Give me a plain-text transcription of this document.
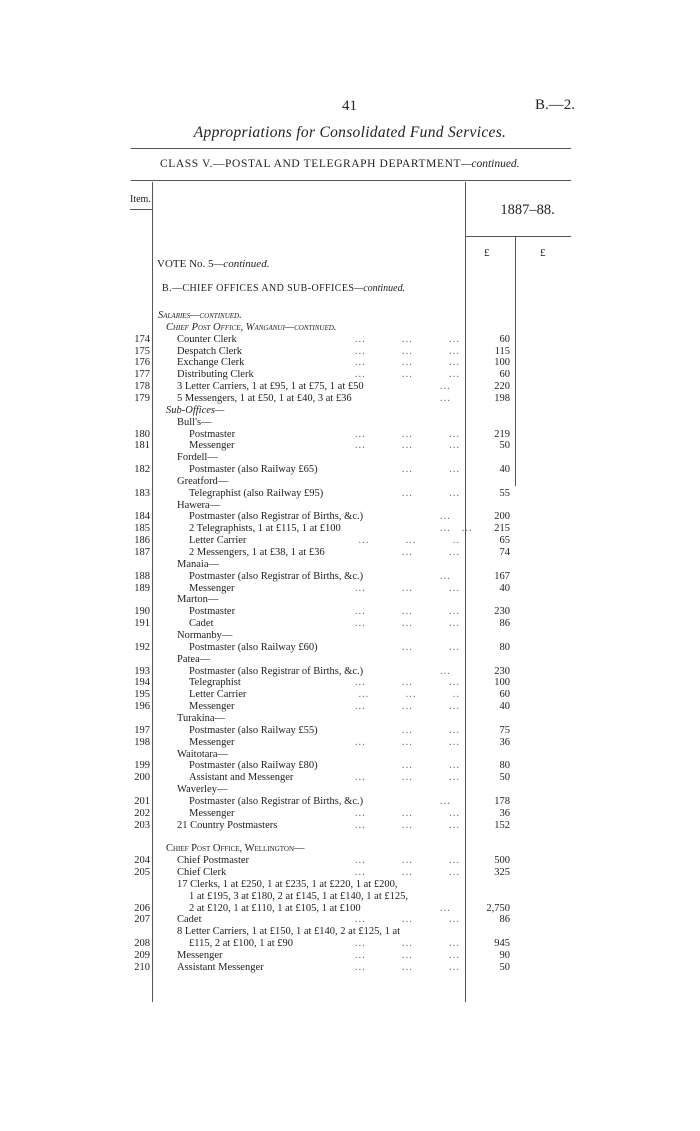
41	B.—2.
Appropriations for Consolidated Fund Services.
CLASS V.—POSTAL AND TELEGRAPH DEPARTMENT—continued.
Item.
1887–88.
£	£
VOTE No. 5—continued.
B.—CHIEF OFFICES AND SUB-OFFICES—continued.
Salaries—continued.
Chief Post Office, Wanganui—continued.
174	Counter Clerk	...          ...          ...	60
175	Despatch Clerk	...          ...          ...	115
176	Exchange Clerk	...          ...          ...	100
177	Distributing Clerk	...          ...          ...	60
178	3 Letter Carriers, 1 at £95, 1 at £75, 1 at £50	...	220
179	5 Messengers, 1 at £50, 1 at £40, 3 at £36	...	198
Sub-Offices—
Bull's—
180	Postmaster	...          ...          ...	219
181	Messenger	...          ...          ...	50
Fordell—
182	Postmaster (also Railway £65)	...          ...	40
Greatford—
183	Telegraphist (also Railway £95)	...          ...	55
Hawera—
184	Postmaster (also Registrar of Births, &c.)	...	200
185	2 Telegraphists, 1 at £115, 1 at £100	...   ...	215
186	Letter Carrier	...          ...          ..	65
187	2 Messengers, 1 at £38, 1 at £36	...          ...	74
Manaia—
188	Postmaster (also Registrar of Births, &c.)	...	167
189	Messenger	...          ...          ...	40
Marton—
190	Postmaster	...          ...          ...	230
191	Cadet	...          ...          ...	86
Normanby—
192	Postmaster (also Railway £60)	...          ...	80
Patea—
193	Postmaster (also Registrar of Births, &c.)	...	230
194	Telegraphist	...          ...          ...	100
195	Letter Carrier	...          ...          ..	60
196	Messenger	...          ...          ...	40
Turakina—
197	Postmaster (also Railway £55)	...          ...	75
198	Messenger	...          ...          ...	36
Waitotara—
199	Postmaster (also Railway £80)	...          ...	80
200	Assistant and Messenger	...          ...          ...	50
Waverley—
201	Postmaster (also Registrar of Births, &c.)	...	178
202	Messenger	...          ...          ...	36
203	21 Country Postmasters	...          ...          ...	152
Chief Post Office, Wellington—
204	Chief Postmaster	...          ...          ...	500
205	Chief Clerk	...          ...          ...	325
17 Clerks, 1 at £250, 1 at £235, 1 at £220, 1 at £200,
1 at £195, 3 at £180, 2 at £145, 1 at £140, 1 at £125,
206	2 at £120, 1 at £110, 1 at £105, 1 at £100	...	2,750
207	Cadet	...          ...          ...	86
8 Letter Carriers, 1 at £150, 1 at £140, 2 at £125, 1 at
208	£115, 2 at £100, 1 at £90	...          ...          ...	945
209	Messenger	...          ...          ...	90
210	Assistant Messenger	...          ...          ...	50
